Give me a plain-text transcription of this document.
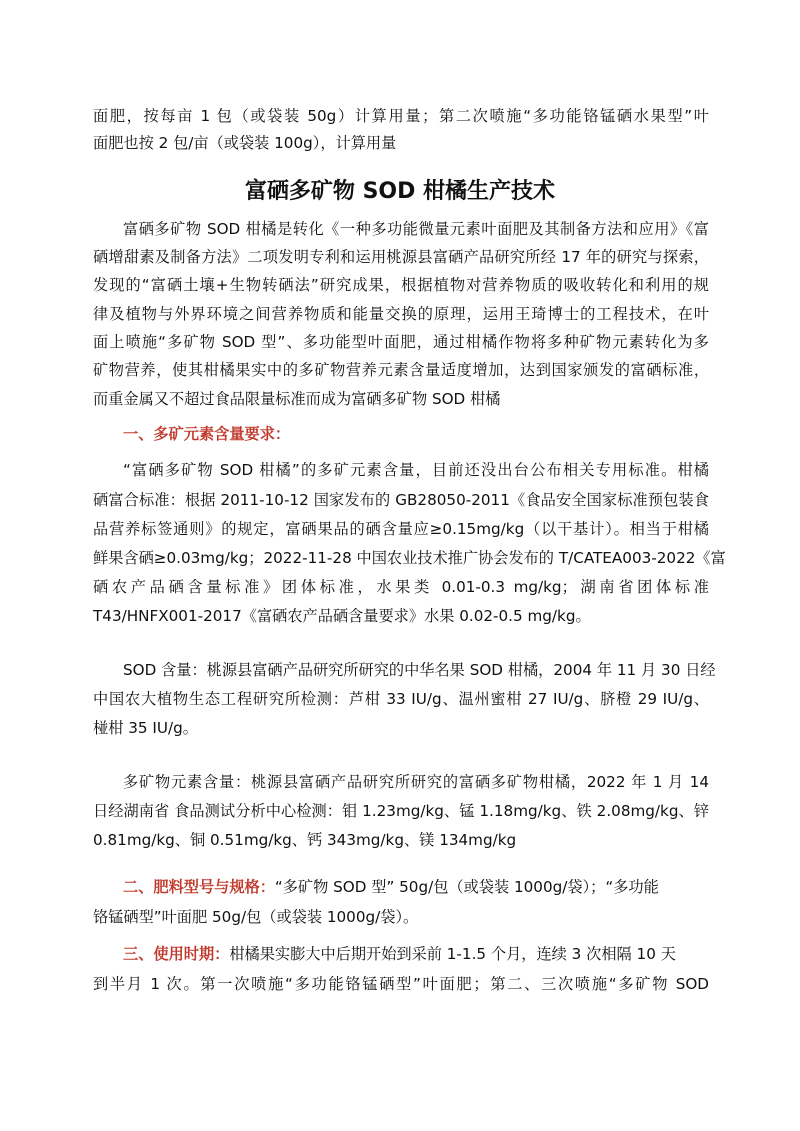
面肥，按每亩 1 包（或袋装 50g）计算用量；第二次喷施“多功能铬锰硒水果型”叶
面肥也按 2 包/亩（或袋装 100g），计算用量
富硒多矿物 SOD 柑橘生产技术
富硒多矿物 SOD 柑橘是转化《一种多功能微量元素叶面肥及其制备方法和应用》《富
硒增甜素及制备方法》二项发明专利和运用桃源县富硒产品研究所经 17 年的研究与探索，
发现的“富硒土壤+生物转硒法”研究成果，根据植物对营养物质的吸收转化和利用的规
律及植物与外界环境之间营养物质和能量交换的原理，运用王琦博士的工程技术，在叶
面上喷施“多矿物 SOD 型”、多功能型叶面肥，通过柑橘作物将多种矿物元素转化为多
矿物营养，使其柑橘果实中的多矿物营养元素含量适度增加，达到国家颁发的富硒标准，
而重金属又不超过食品限量标准而成为富硒多矿物 SOD 柑橘
一、多矿元素含量要求：
“富硒多矿物 SOD 柑橘”的多矿元素含量，目前还没出台公布相关专用标准。柑橘
硒富合标准：根据 2011-10-12 国家发布的 GB28050-2011《食品安全国家标准预包装食
品营养标签通则》的规定，富硒果品的硒含量应≥0.15mg/kg（以干基计）。相当于柑橘
鲜果含硒≥0.03mg/kg；2022-11-28 中国农业技术推广协会发布的 T/CATEA003-2022《富
硒农产品硒含量标准》团体标准，水果类 0.01-0.3 mg/kg；湖南省团体标准
T43/HNFX001-2017《富硒农产品硒含量要求》水果 0.02-0.5 mg/kg。
SOD 含量：桃源县富硒产品研究所研究的中华名果 SOD 柑橘，2004 年 11 月 30 日经
中国农大植物生态工程研究所检测：芦柑 33 IU/g、温州蜜柑 27 IU/g、脐橙 29 IU/g、
椪柑 35 IU/g。
多矿物元素含量：桃源县富硒产品研究所研究的富硒多矿物柑橘，2022 年 1 月 14
日经湖南省 食品测试分析中心检测：钼 1.23mg/kg、锰 1.18mg/kg、铁 2.08mg/kg、锌
0.81mg/kg、铜 0.51mg/kg、钙 343mg/kg、镁 134mg/kg
二、肥料型号与规格：“多矿物 SOD 型” 50g/包（或袋装 1000g/袋）；“多功能
铬锰硒型”叶面肥 50g/包（或袋装 1000g/袋）。
三、使用时期：柑橘果实膨大中后期开始到采前 1-1.5 个月，连续 3 次相隔 10 天
到半月 1 次。第一次喷施“多功能铬锰硒型”叶面肥；第二、三次喷施“多矿物 SOD
